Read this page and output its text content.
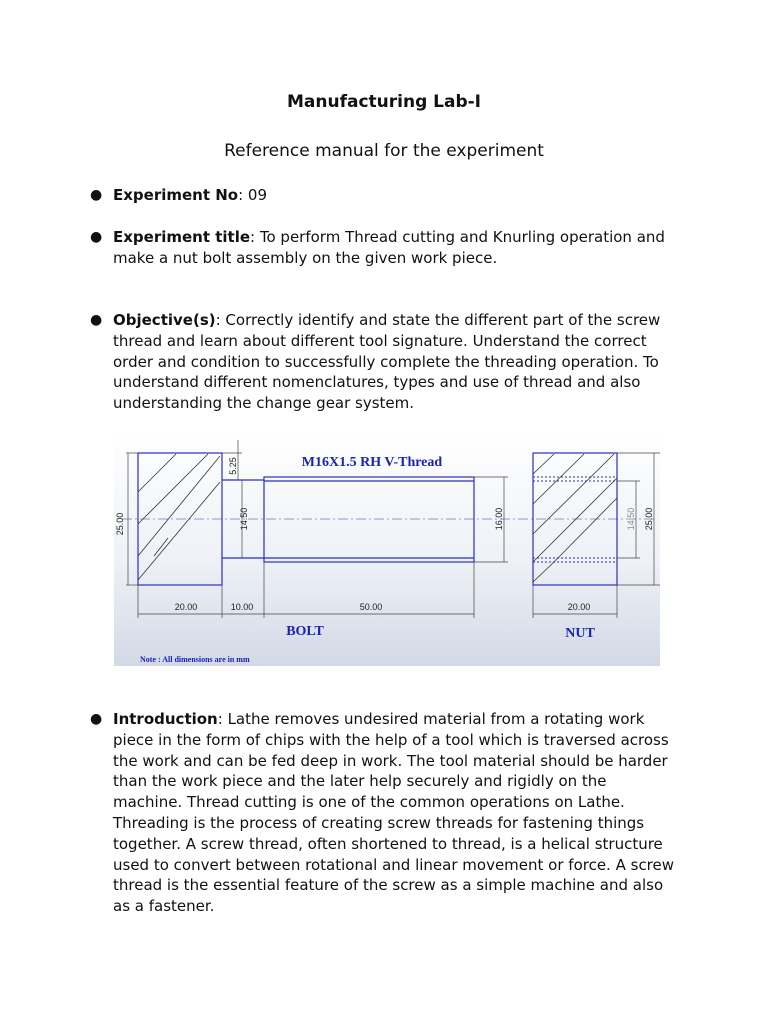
Manufacturing Lab-I
Reference manual for the experiment
● Experiment No: 09
● Experiment title: To perform Thread cutting and Knurling operation and make a nut bolt assembly on the given work piece.
● Objective(s): Correctly identify and state the different part of the screw thread and learn about different tool signature. Understand the correct order and condition to successfully complete the threading operation. To understand different nomenclatures, types and use of thread and also understanding the change gear system.
M16X1.5 RH V-Thread
25.00
5.25
14.50	16.00	14.50 25.00
20.00	10.00	50.00	20.00
BOLT	NUT
Note : All dimensions are in mm
● Introduction: Lathe removes undesired material from a rotating work piece in the form of chips with the help of a tool which is traversed across the work and can be fed deep in work. The tool material should be harder than the work piece and the later help securely and rigidly on the machine. Thread cutting is one of the common operations on Lathe. Threading is the process of creating screw threads for fastening things together. A screw thread, often shortened to thread, is a helical structure used to convert between rotational and linear movement or force. A screw thread is the essential feature of the screw as a simple machine and also as a fastener.
